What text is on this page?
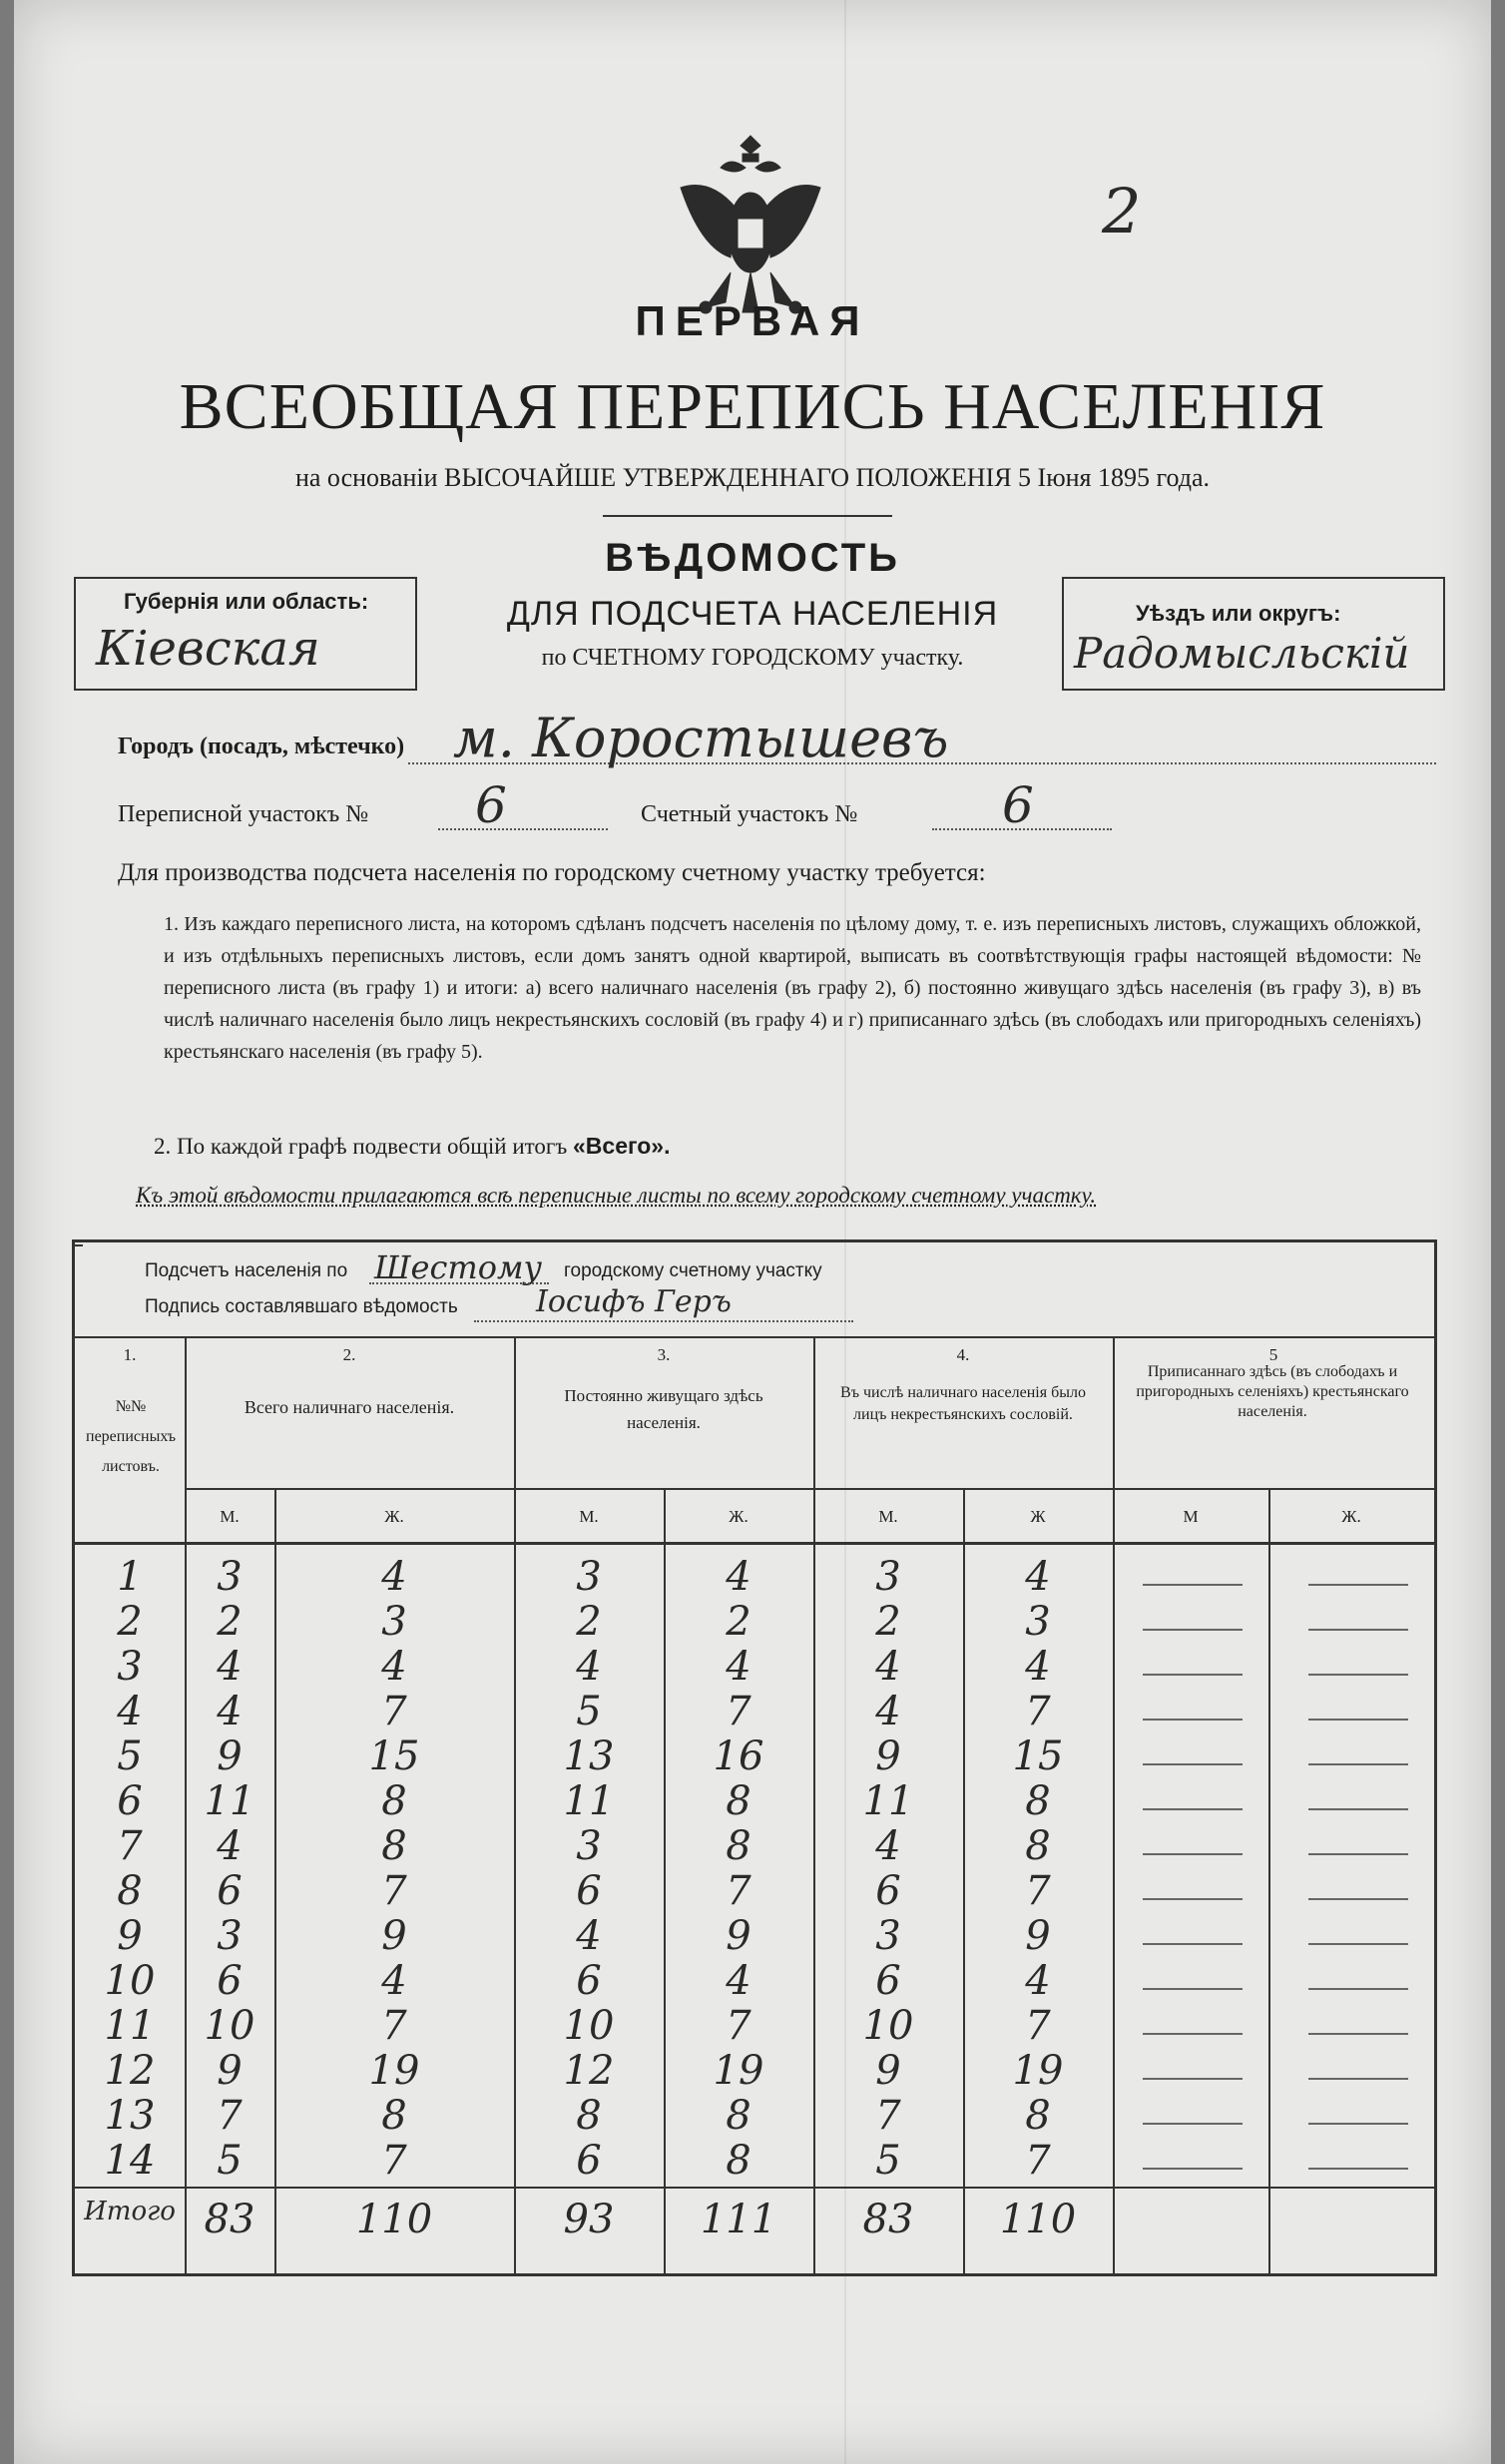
2
ПЕРВАЯ
ВСЕОБЩАЯ ПЕРЕПИСЬ НАСЕЛЕНІЯ
на основаніи ВЫСОЧАЙШЕ УТВЕРЖДЕННАГО ПОЛОЖЕНІЯ 5 Іюня 1895 года.
ВѢДОМОСТЬ
ДЛЯ ПОДСЧЕТА НАСЕЛЕНІЯ
по СЧЕТНОМУ ГОРОДСКОМУ участку.
Губернія или область:
Кіевская
Уѣздъ или округъ:
Радомысльскій
Городъ (посадъ, мѣстечко) м. Коростышевъ
Переписной участокъ № 6	Счетный участокъ №	6
Для производства подсчета населенія по городскому счетному участку требуется:
1. Изъ каждаго переписного листа, на которомъ сдѣланъ подсчетъ населенія по цѣлому дому, т. е. изъ переписныхъ листовъ, служащихъ обложкой, и изъ отдѣльныхъ переписныхъ листовъ, если домъ занятъ одной квартирой, выписать въ соотвѣтствующія графы настоящей вѣдомости: № переписного листа (въ графу 1) и итоги: а) всего наличнаго населенія (въ графу 2), б) постоянно живущаго здѣсь населенія (въ графу 3), в) въ числѣ наличнаго населенія было лицъ некрестьянскихъ сословій (въ графу 4) и г) приписаннаго здѣсь (въ слободахъ или пригородныхъ селеніяхъ) крестьянскаго населенія (въ графу 5).
2. По каждой графѣ подвести общій итогъ «Всего».
Къ этой вѣдомости прилагаются всѣ переписные листы по всему городскому счетному участку.
Подсчетъ населенія по Шестому городскому счетному участку
Подпись составлявшаго вѣдомость	Іосифъ Геръ
1.	2.	3.	4.	5
№№ переписныхъ листовъ.
Всего наличнаго населенія.
Постоянно живущаго здѣсь населенія.
Въ числѣ наличнаго населенія было лицъ некрестьянскихъ сословій.
Приписаннаго здѣсь (въ слободахъ и пригородныхъ селеніяхъ) крестьянскаго населенія.
М.	Ж.	М.	Ж.	М.	Ж	М	Ж.
1	3	4	3	4	3	4
2	2	3	2	2	2	3
3	4	4	4	4	4	4
4	4	7	5	7	4	7
5	9	15	13	16	9	15
6	11	8	11	8	11	8
7	4	8	3	8	4	8
8	6	7	6	7	6	7
9	3	9	4	9	3	9
10	6	4	6	4	6	4
11	10	7	10	7	10	7
12	9	19	12	19	9	19
13	7	8	8	8	7	8
14	5	7	6	8	5	7
Итого 83	110	93	111	83	110
